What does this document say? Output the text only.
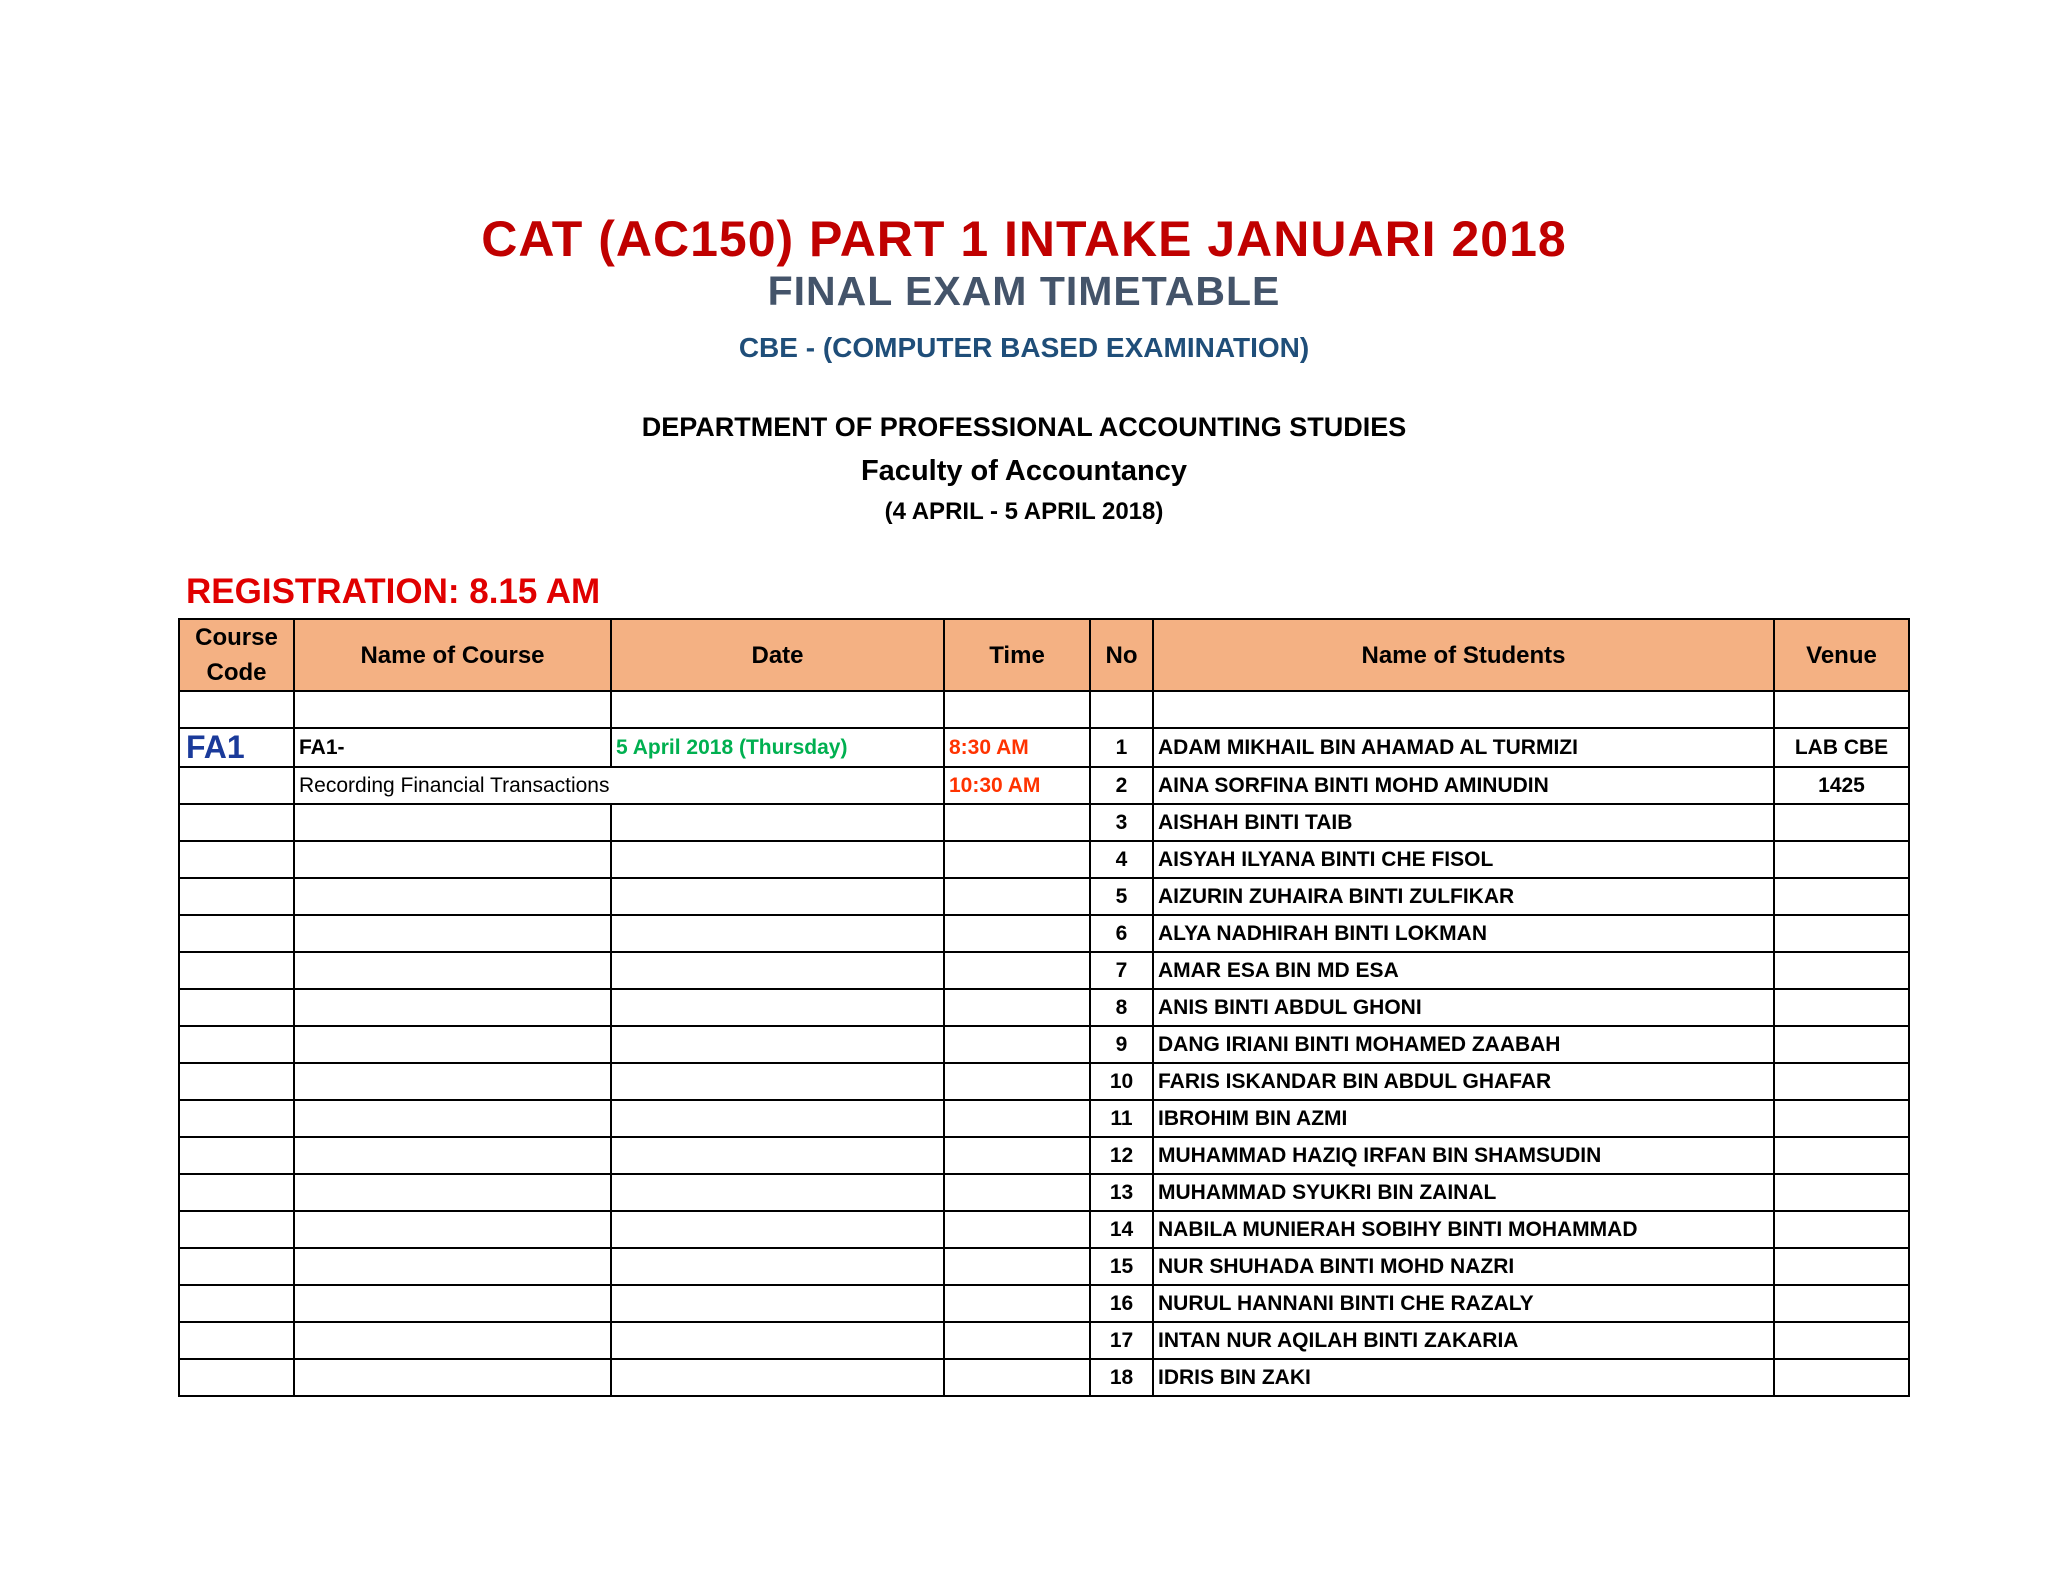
CAT (AC150) PART 1 INTAKE JANUARI 2018
FINAL EXAM TIMETABLE
CBE - (COMPUTER BASED EXAMINATION)
DEPARTMENT OF PROFESSIONAL ACCOUNTING STUDIES
Faculty of Accountancy
(4 APRIL - 5 APRIL 2018)
REGISTRATION: 8.15 AM
Course Code	Name of Course	Date	Time	No	Name of Students	Venue

FA1	FA1-	5 April 2018 (Thursday)	8:30 AM	1	ADAM MIKHAIL BIN AHAMAD AL TURMIZI	LAB CBE
	Recording Financial Transactions		10:30 AM	2	AINA SORFINA BINTI MOHD AMINUDIN	1425
				3	AISHAH BINTI TAIB	
				4	AISYAH ILYANA BINTI CHE FISOL	
				5	AIZURIN ZUHAIRA BINTI ZULFIKAR	
				6	ALYA NADHIRAH BINTI LOKMAN	
				7	AMAR ESA BIN MD ESA	
				8	ANIS BINTI ABDUL GHONI	
				9	DANG IRIANI BINTI MOHAMED ZAABAH	
				10	FARIS ISKANDAR BIN ABDUL GHAFAR	
				11	IBROHIM BIN AZMI	
				12	MUHAMMAD HAZIQ IRFAN BIN SHAMSUDIN	
				13	MUHAMMAD SYUKRI BIN ZAINAL	
				14	NABILA MUNIERAH SOBIHY BINTI MOHAMMAD	
				15	NUR SHUHADA BINTI MOHD NAZRI	
				16	NURUL HANNANI BINTI CHE RAZALY	
				17	INTAN NUR AQILAH BINTI ZAKARIA	
				18	IDRIS BIN ZAKI	
